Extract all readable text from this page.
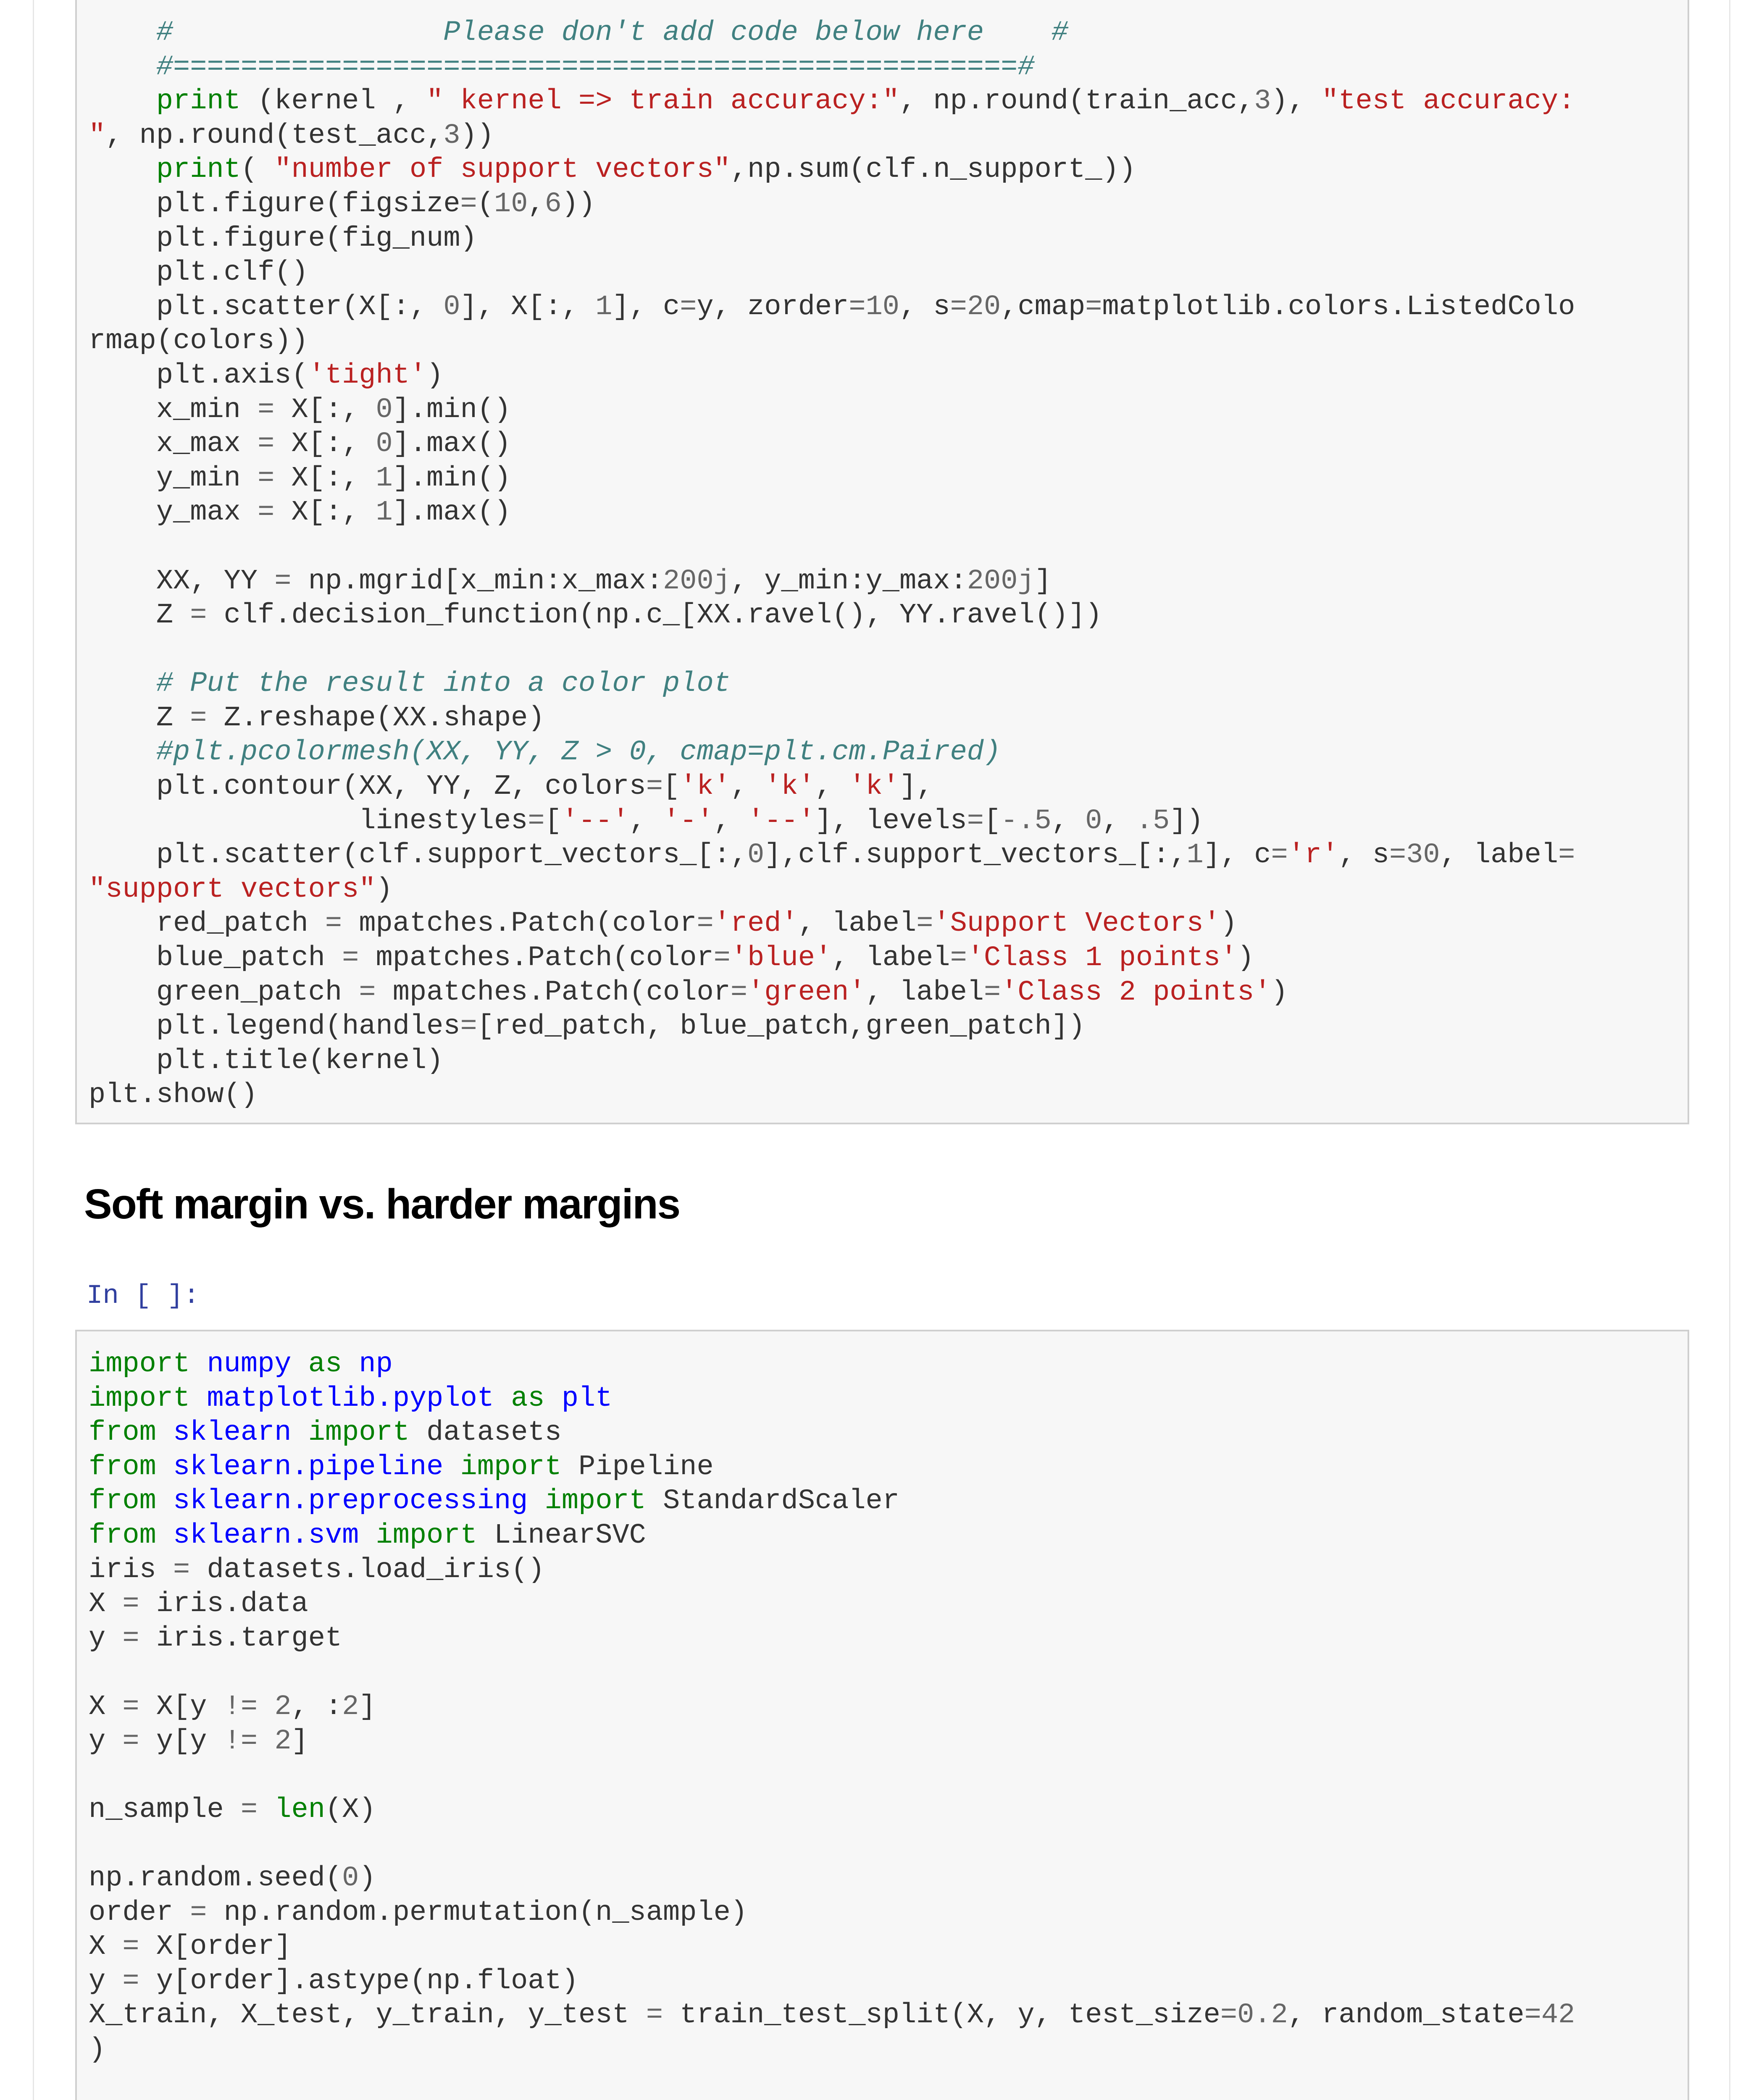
#                Please don't add code below here    #
#==================================================#
print (kernel , " kernel => train accuracy:", np.round(train_acc,3), "test accuracy:
", np.round(test_acc,3))
print( "number of support vectors",np.sum(clf.n_support_))
plt.figure(figsize=(10,6))
plt.figure(fig_num)
plt.clf()
plt.scatter(X[:, 0], X[:, 1], c=y, zorder=10, s=20,cmap=matplotlib.colors.ListedColo
rmap(colors))
plt.axis('tight')
x_min = X[:, 0].min()
x_max = X[:, 0].max()
y_min = X[:, 1].min()
y_max = X[:, 1].max()

XX, YY = np.mgrid[x_min:x_max:200j, y_min:y_max:200j]
Z = clf.decision_function(np.c_[XX.ravel(), YY.ravel()])

# Put the result into a color plot
Z = Z.reshape(XX.shape)
#plt.pcolormesh(XX, YY, Z > 0, cmap=plt.cm.Paired)
plt.contour(XX, YY, Z, colors=['k', 'k', 'k'],
linestyles=['--', '-', '--'], levels=[-.5, 0, .5])
plt.scatter(clf.support_vectors_[:,0],clf.support_vectors_[:,1], c='r', s=30, label=
"support vectors")
red_patch = mpatches.Patch(color='red', label='Support Vectors')
blue_patch = mpatches.Patch(color='blue', label='Class 1 points')
green_patch = mpatches.Patch(color='green', label='Class 2 points')
plt.legend(handles=[red_patch, blue_patch,green_patch])
plt.title(kernel)
plt.show()
Soft margin vs. harder margins
In [ ]:
import numpy as np
import matplotlib.pyplot as plt
from sklearn import datasets
from sklearn.pipeline import Pipeline
from sklearn.preprocessing import StandardScaler
from sklearn.svm import LinearSVC
iris = datasets.load_iris()
X = iris.data
y = iris.target

X = X[y != 2, :2]
y = y[y != 2]

n_sample = len(X)

np.random.seed(0)
order = np.random.permutation(n_sample)
X = X[order]
y = y[order].astype(np.float)
X_train, X_test, y_train, y_test = train_test_split(X, y, test_size=0.2, random_state=42
)
